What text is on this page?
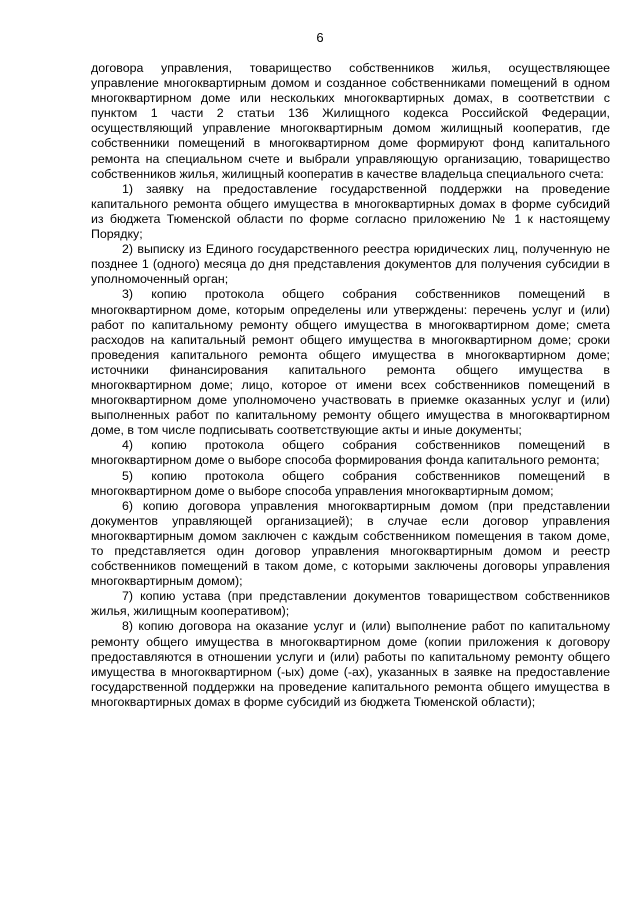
6

договора управления, товарищество собственников жилья, осуществляющее управление многоквартирным домом и созданное собственниками помещений в одном многоквартирном доме или нескольких многоквартирных домах, в соответствии с пунктом 1 части 2 статьи 136 Жилищного кодекса Российской Федерации, осуществляющий управление многоквартирным домом жилищный кооператив, где собственники помещений в многоквартирном доме формируют фонд капитального ремонта на специальном счете и выбрали управляющую организацию, товарищество собственников жилья, жилищный кооператив в качестве владельца специального счета:

1) заявку на предоставление государственной поддержки на проведение капитального ремонта общего имущества в многоквартирных домах в форме субсидий из бюджета Тюменской области по форме согласно приложению № 1 к настоящему Порядку;

2) выписку из Единого государственного реестра юридических лиц, полученную не позднее 1 (одного) месяца до дня представления документов для получения субсидии в уполномоченный орган;

3) копию протокола общего собрания собственников помещений в многоквартирном доме, которым определены или утверждены: перечень услуг и (или) работ по капитальному ремонту общего имущества в многоквартирном доме; смета расходов на капитальный ремонт общего имущества в многоквартирном доме; сроки проведения капитального ремонта общего имущества в многоквартирном доме; источники финансирования капитального ремонта общего имущества в многоквартирном доме; лицо, которое от имени всех собственников помещений в многоквартирном доме уполномочено участвовать в приемке оказанных услуг и (или) выполненных работ по капитальному ремонту общего имущества в многоквартирном доме, в том числе подписывать соответствующие акты и иные документы;

4) копию протокола общего собрания собственников помещений в многоквартирном доме о выборе способа формирования фонда капитального ремонта;

5) копию протокола общего собрания собственников помещений в многоквартирном доме о выборе способа управления многоквартирным домом;

6) копию договора управления многоквартирным домом (при представлении документов управляющей организацией); в случае если договор управления многоквартирным домом заключен с каждым собственником помещения в таком доме, то представляется один договор управления многоквартирным домом и реестр собственников помещений в таком доме, с которыми заключены договоры управления многоквартирным домом);

7) копию устава (при представлении документов товариществом собственников жилья, жилищным кооперативом);

8) копию договора на оказание услуг и (или) выполнение работ по капитальному ремонту общего имущества в многоквартирном доме (копии приложения к договору предоставляются в отношении услуги и (или) работы по капитальному ремонту общего имущества в многоквартирном (-ых) доме (-ах), указанных в заявке на предоставление государственной поддержки на проведение капитального ремонта общего имущества в многоквартирных домах в форме субсидий из бюджета Тюменской области);
